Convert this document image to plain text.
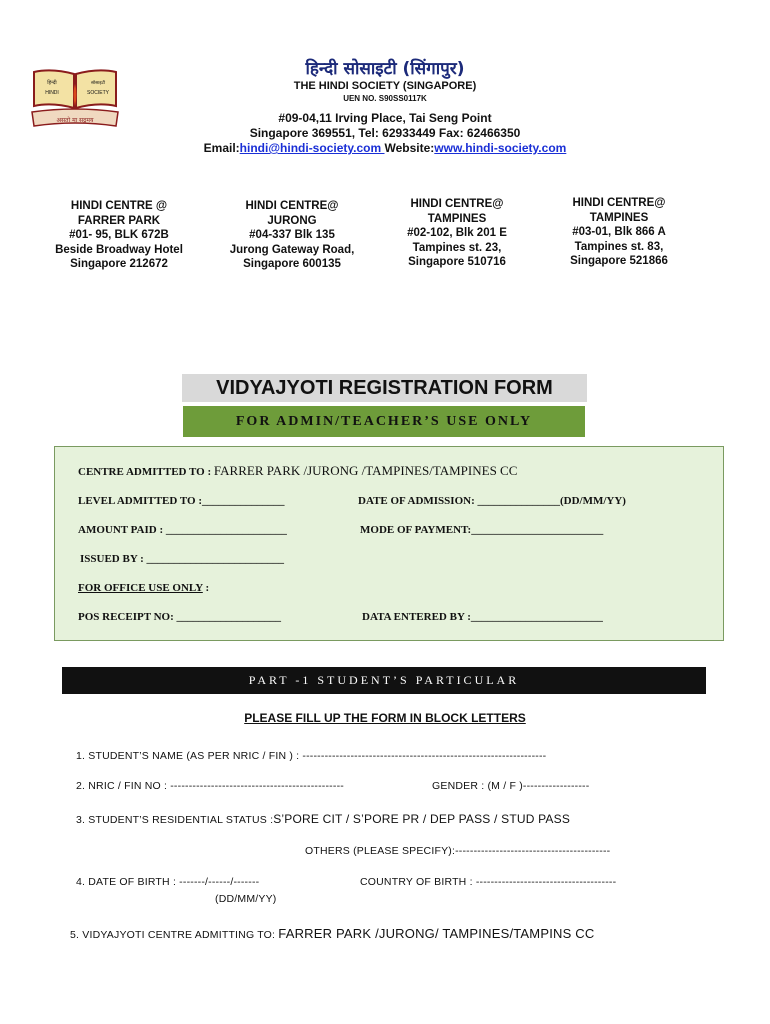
हिन्दी	सोसाइटी
HINDI	SOCIETY
असतो मा सद्गमय
हिन्दी सोसाइटी (सिंगापुर)
THE HINDI SOCIETY (SINGAPORE)
UEN NO. S90SS0117K
#09-04,11 Irving Place, Tai Seng Point
Singapore 369551, Tel: 62933449 Fax: 62466350
Email:hindi@hindi-society.com Website:www.hindi-society.com
HINDI CENTRE @
FARRER PARK
#01- 95, BLK 672B
Beside Broadway Hotel
Singapore 212672
HINDI CENTRE@
JURONG
#04-337 Blk 135
Jurong Gateway Road,
Singapore 600135
HINDI CENTRE@
TAMPINES
#02-102, Blk 201 E
Tampines st. 23,
Singapore 510716
HINDI CENTRE@
TAMPINES
#03-01, Blk 866 A
Tampines st. 83,
Singapore 521866
VIDYAJYOTI REGISTRATION FORM
FOR ADMIN/TEACHER’S USE ONLY
CENTRE ADMITTED TO : FARRER PARK /JURONG /TAMPINES/TAMPINES CC
LEVEL ADMITTED TO :_______________	DATE OF ADMISSION: _______________(DD/MM/YY)
AMOUNT PAID : ______________________	MODE OF PAYMENT:________________________
ISSUED BY : _________________________
FOR OFFICE USE ONLY :
POS RECEIPT NO: ___________________	DATA ENTERED BY :________________________
PART -1 STUDENT’S PARTICULAR
PLEASE FILL UP THE FORM IN BLOCK LETTERS
1. STUDENT’S NAME (AS PER NRIC / FIN ) : ------------------------------------------------------------------
2. NRIC / FIN NO : -----------------------------------------------	GENDER : (M / F )------------------
3. STUDENT’S RESIDENTIAL STATUS :S’PORE CIT / S’PORE PR / DEP PASS / STUD PASS
OTHERS (PLEASE SPECIFY):------------------------------------------
4. DATE OF BIRTH : -------/------/-------	COUNTRY OF BIRTH : --------------------------------------
(DD/MM/YY)
5. VIDYAJYOTI CENTRE ADMITTING TO: FARRER PARK /JURONG/ TAMPINES/TAMPINS CC
